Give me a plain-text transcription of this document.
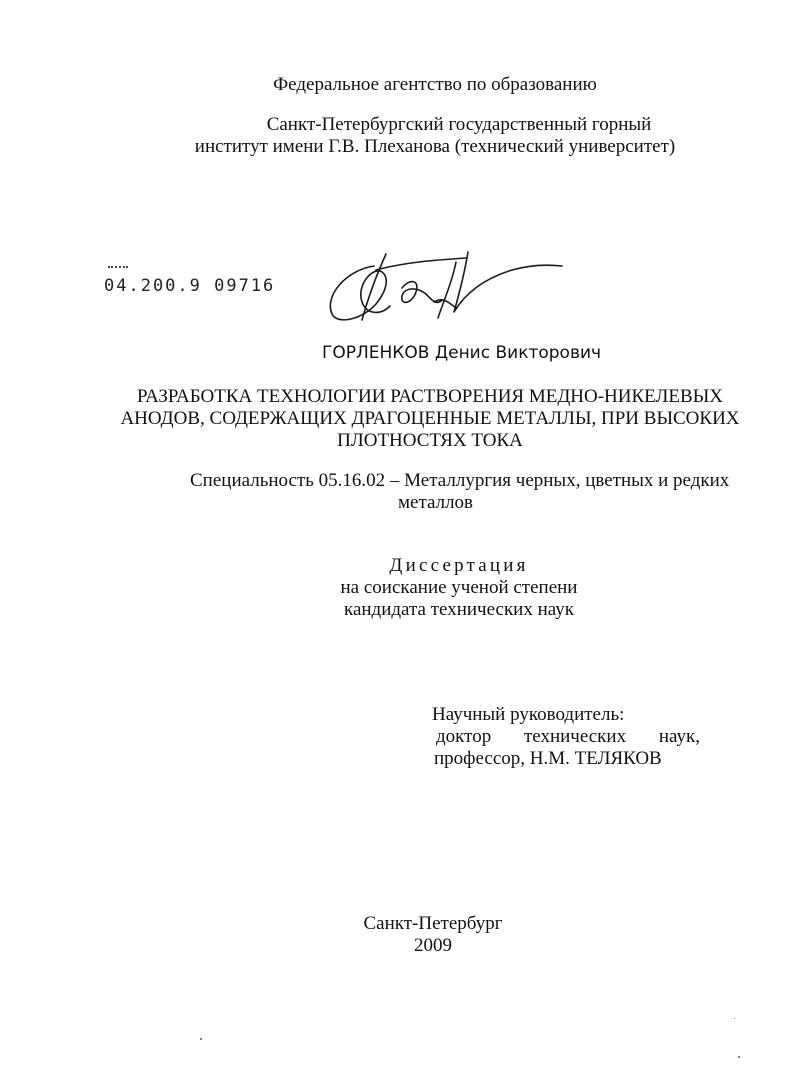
Федеральное агентство по образованию
Санкт-Петербургский государственный горный
институт имени Г.В. Плеханова (технический университет)
04.200.9 09716
ГОРЛЕНКОВ Денис Викторович
РАЗРАБОТКА ТЕХНОЛОГИИ РАСТВОРЕНИЯ МЕДНО-НИКЕЛЕВЫХ
АНОДОВ, СОДЕРЖАЩИХ ДРАГОЦЕННЫЕ МЕТАЛЛЫ, ПРИ ВЫСОКИХ
ПЛОТНОСТЯХ ТОКА
Специальность 05.16.02 – Металлургия черных, цветных и редких
металлов
Диссертация
на соискание ученой степени
кандидата технических наук
Научный руководитель:
доктор технических наук,
профессор, Н.М. ТЕЛЯКОВ
Санкт-Петербург
2009
